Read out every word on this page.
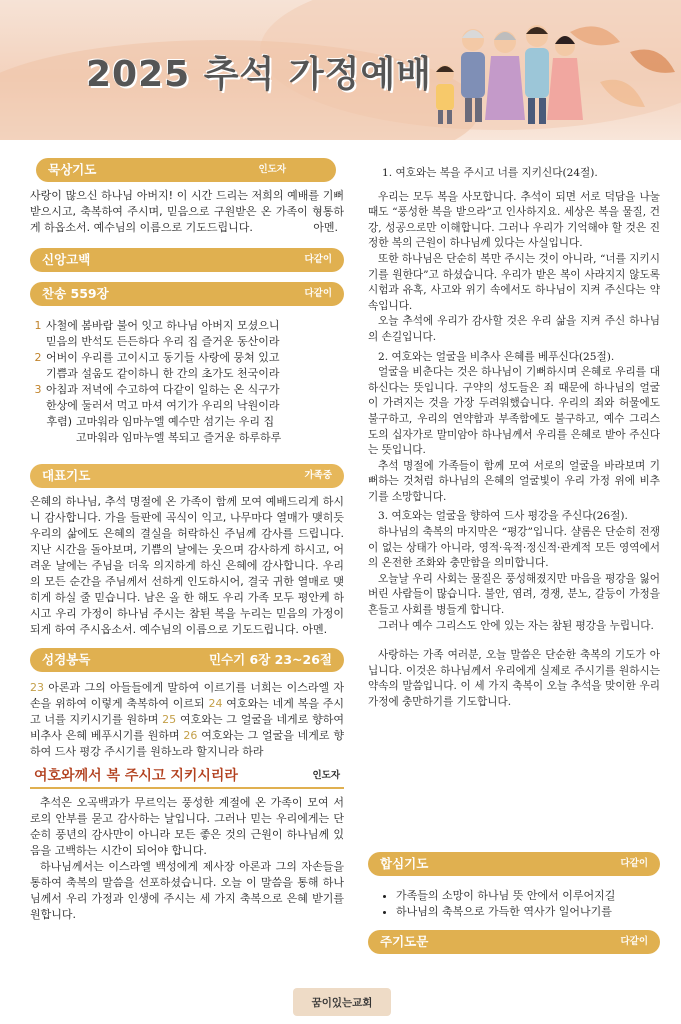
2025 추석 가정예배
묵상기도	인도자

사랑이 많으신 하나님 아버지! 이 시간 드리는 저희의 예배를 기뻐 받으시고, 축복하여 주시며, 믿음으로 구원받은 온 가족이 형통하게 하옵소서. 예수님의 이름으로 기도드립니다.	아멘.
신앙고백	다같이
찬송 559장	다같이
1 사철에 봄바람 불어 잇고 하나님 아버지 모셨으니
믿음의 반석도 든든하다 우리 집 즐거운 동산이라
2 어버이 우리를 고이시고 동기들 사랑에 뭉쳐 있고
기쁨과 설움도 같이하니 한 간의 초가도 천국이라
3 아침과 저녁에 수고하여 다같이 일하는 온 식구가
한상에 둘러서 먹고 마셔 여기가 우리의 낙원이라
후렴) 고마워라 임마누엘 예수만 섬기는 우리 집
고마워라 임마누엘 복되고 즐거운 하루하루
대표기도	가족중

은혜의 하나님, 추석 명절에 온 가족이 함께 모여 예배드리게 하시니 감사합니다. 가을 들판에 곡식이 익고, 나무마다 열매가 맺히듯 우리의 삶에도 은혜의 결실을 허락하신 주님께 감사를 드립니다. 지난 시간을 돌아보며, 기쁨의 날에는 웃으며 감사하게 하시고, 어려운 날에는 주님을 더욱 의지하게 하신 은혜에 감사합니다. 우리의 모든 순간을 주님께서 선하게 인도하시어, 결국 귀한 열매로 맺히게 하실 줄 믿습니다. 남은 올 한 해도 우리 가족 모두 평안케 하시고 우리 가정이 하나님 주시는 참된 복을 누리는 믿음의 가정이 되게 하여 주시옵소서. 예수님의 이름으로 기도드립니다. 아멘.

성경봉독	민수기 6장 23~26절

23 아론과 그의 아들들에게 말하여 이르기를 너희는 이스라엘 자손을 위하여 이렇게 축복하여 이르되 24 여호와는 네게 복을 주시고 너를 지키시기를 원하며 25 여호와는 그 얼굴을 네게로 향하여 비추사 은혜 베푸시기를 원하며 26 여호와는 그 얼굴을 네게로 향하여 드사 평강 주시기를 원하노라 할지니라 하라

여호와께서 복 주시고 지키시리라	인도자

추석은 오곡백과가 무르익는 풍성한 계절에 온 가족이 모여 서로의 안부를 묻고 감사하는 날입니다. 그러나 믿는 우리에게는 단순히 풍년의 감사만이 아니라 모든 좋은 것의 근원이 하나님께 있음을 고백하는 시간이 되어야 합니다.

하나님께서는 이스라엘 백성에게 제사장 아론과 그의 자손들을 통하여 축복의 말씀을 선포하셨습니다. 오늘 이 말씀을 통해 하나님께서 우리 가정과 인생에 주시는 세 가지 축복으로 은혜 받기를 원합니다.

1. 여호와는 복을 주시고 너를 지키신다(24절).

우리는 모두 복을 사모합니다. 추석이 되면 서로 덕담을 나눌 때도 “풍성한 복을 받으라”고 인사하지요. 세상은 복을 물질, 건강, 성공으로만 이해합니다. 그러나 우리가 기억해야 할 것은 진정한 복의 근원이 하나님께 있다는 사실입니다.

또한 하나님은 단순히 복만 주시는 것이 아니라, “너를 지키시기를 원한다”고 하셨습니다. 우리가 받은 복이 사라지지 않도록 시험과 유혹, 사고와 위기 속에서도 하나님이 지켜 주신다는 약속입니다.

오늘 추석에 우리가 감사할 것은 우리 삶을 지켜 주신 하나님의 손길입니다.

2. 여호와는 얼굴을 비추사 은혜를 베푸신다(25절).

얼굴을 비춘다는 것은 하나님이 기뻐하시며 은혜로 우리를 대하신다는 뜻입니다. 구약의 성도들은 죄 때문에 하나님의 얼굴이 가려지는 것을 가장 두려워했습니다. 우리의 죄와 허물에도 불구하고, 우리의 연약함과 부족함에도 불구하고, 예수 그리스도의 십자가로 말미암아 하나님께서 우리를 은혜로 받아 주신다는 뜻입니다.

추석 명절에 가족들이 함께 모여 서로의 얼굴을 바라보며 기뻐하는 것처럼 하나님의 은혜의 얼굴빛이 우리 가정 위에 비추기를 소망합니다.

3. 여호와는 얼굴을 향하여 드사 평강을 주신다(26절).

하나님의 축복의 마지막은 “평강”입니다. 샬롬은 단순히 전쟁이 없는 상태가 아니라, 영적·육적·정신적·관계적 모든 영역에서의 온전한 조화와 충만함을 의미합니다.

오늘날 우리 사회는 물질은 풍성해졌지만 마음을 평강을 잃어버린 사람들이 많습니다. 불안, 염려, 경쟁, 분노, 갈등이 가정을 흔들고 사회를 병들게 합니다.

그러나 예수 그리스도 안에 있는 자는 참된 평강을 누립니다.

사랑하는 가족 여러분, 오늘 말씀은 단순한 축복의 기도가 아닙니다. 이것은 하나님께서 우리에게 실제로 주시기를 원하시는 약속의 말씀입니다. 이 세 가지 축복이 오늘 추석을 맞이한 우리 가정에 충만하기를 기도합니다.

합심기도	다같이
• 가족들의 소망이 하나님 뜻 안에서 이루어지길
• 하나님의 축복으로 가득한 역사가 일어나기를
주기도문	다같이
꿈이있는교회
